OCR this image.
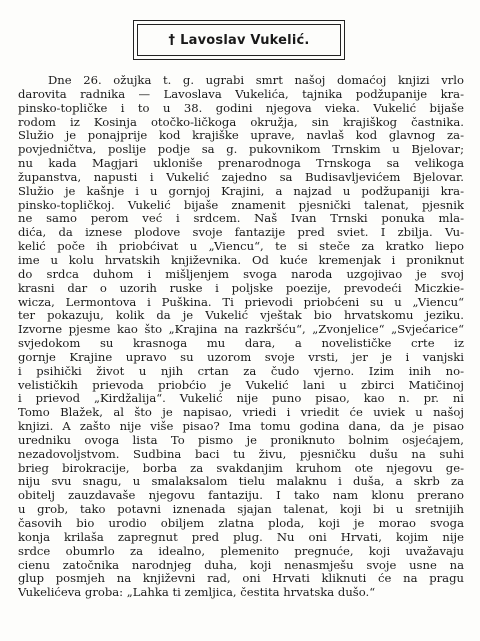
† Lavoslav Vukelić.
Dne 26. ožujka t. g. ugrabi smrt našoj domaćoj knjizi vrlo
darovita radnika — Lavoslava Vukelića, tajnika podžupanije kra-
pinsko-topličke i to u 38. godini njegova vieka. Vukelić bijaše
rodom iz Kosinja otočko-ličkoga okružja, sin krajiškog častnika.
Služio je ponajprije kod krajiške uprave, navlaš kod glavnog za-
povjedničtva, poslije podje sa g. pukovnikom Trnskim u Bjelovar;
nu kada Magjari ukloniše prenarodnoga Trnskoga sa velikoga
županstva, napusti i Vukelić zajedno sa Budisavljevićem Bjelovar.
Služio je kašnje i u gornjoj Krajini, a najzad u podžupaniji kra-
pinsko-topličkoj. Vukelić bijaše znamenit pjesnički talenat, pjesnik
ne samo perom već i srdcem. Naš Ivan Trnski ponuka mla-
dića, da iznese plodove svoje fantazije pred sviet. I zbilja. Vu-
kelić poče ih priobćivat u „Viencu“, te si steče za kratko liepo
ime u kolu hrvatskih književnika. Od kuće kremenjak i proniknut
do srdca duhom i mišljenjem svoga naroda uzgojivao je svoj
krasni dar o uzorih ruske i poljske poezije, prevodeći Miczkie-
wicza, Lermontova i Puškina. Ti prievodi priobćeni su u „Viencu“
ter pokazuju, kolik da je Vukelić vještak bio hrvatskomu jeziku.
Izvorne pjesme kao što „Krajina na razkršću“, „Zvonjelice“ „Svjećarice“
svjedokom su krasnoga mu dara, a novelističke crte iz
gornje Krajine upravo su uzorom svoje vrsti, jer je i vanjski
i psihički život u njih crtan za čudo vjerno. Izim inih no-
velističkih prievoda priobćio je Vukelić lani u zbirci Matičinoj
i prievod „Kirdžalija“. Vukelić nije puno pisao, kao n. pr. ni
Tomo Blažek, al što je napisao, vriedi i vriedit će uviek u našoj
knjizi. A zašto nije više pisao? Ima tomu godina dana, da je pisao
uredniku ovoga lista To pismo je proniknuto bolnim osjećajem,
nezadovoljstvom. Sudbina baci tu živu, pjesničku dušu na suhi
brieg birokracije, borba za svakdanjim kruhom ote njegovu ge-
niju svu snagu, u smalaksalom tielu malaknu i duša, a skrb za
obitelj zauzdavaše njegovu fantaziju. I tako nam klonu prerano
u grob, tako potavni iznenada sjajan talenat, koji bi u sretnijih
časovih bio urodio obiljem zlatna ploda, koji je morao svoga
konja krilaša zapregnut pred plug. Nu oni Hrvati, kojim nije
srdce obumrlo za idealno, plemenito pregnuće, koji uvažavaju
cienu zatočnika narodnjeg duha, koji nenasmješu svoje usne na
glup posmjeh na književni rad, oni Hrvati kliknuti će na pragu
Vukelićeva groba: „Lahka ti zemljica, čestita hrvatska dušo.“
